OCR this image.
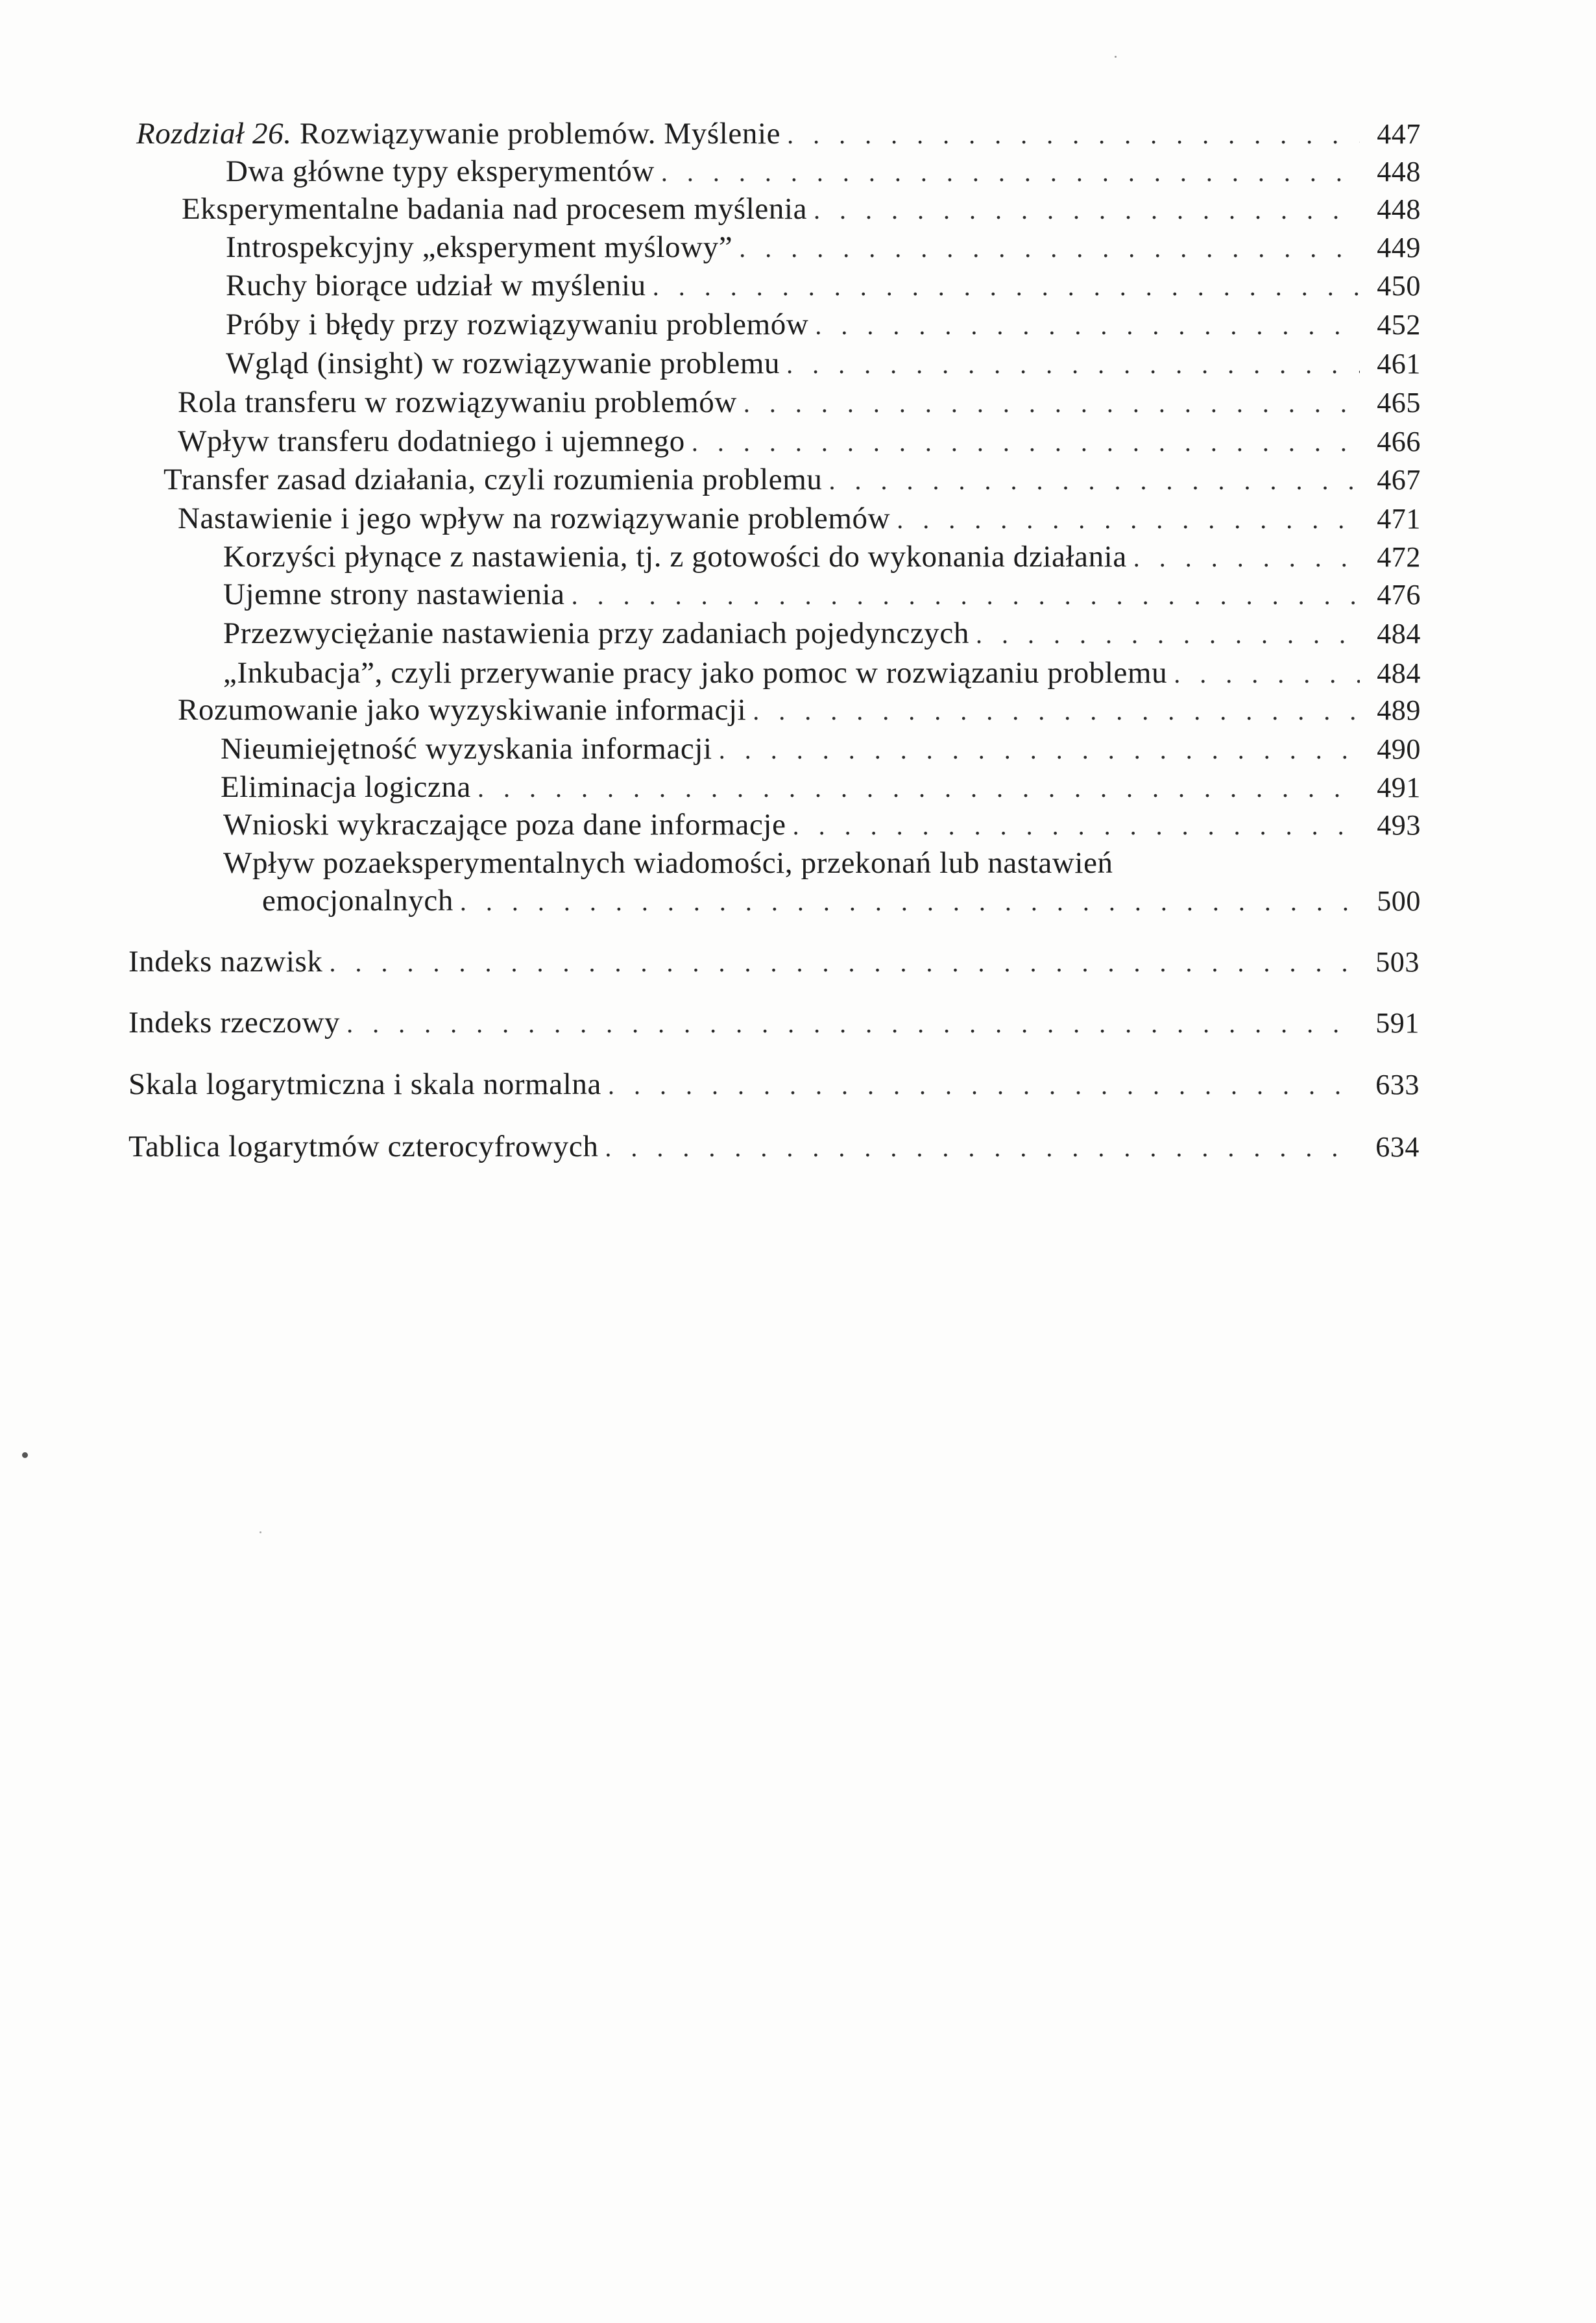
Rozdział 26. Rozwiązywanie problemów. Myślenie . . .	447
Dwa główne typy eksperymentów . . .	448
Eksperymentalne badania nad procesem myślenia . . .	448
Introspekcyjny „eksperyment myślowy” . . .	449
Ruchy biorące udział w myśleniu . . .	450
Próby i błędy przy rozwiązywaniu problemów . . .	452
Wgląd (insight) w rozwiązywanie problemu . . .	461
Rola transferu w rozwiązywaniu problemów . . .	465
Wpływ transferu dodatniego i ujemnego . . .	466
Transfer zasad działania, czyli rozumienia problemu . . .	467
Nastawienie i jego wpływ na rozwiązywanie problemów . . .	471
Korzyści płynące z nastawienia, tj. z gotowości do wykonania działania . . .	472
Ujemne strony nastawienia . . .	476
Przezwyciężanie nastawienia przy zadaniach pojedynczych . . .	484
„Inkubacja”, czyli przerywanie pracy jako pomoc w rozwiązaniu problemu . . .	484
Rozumowanie jako wyzyskiwanie informacji . . .	489
Nieumiejętność wyzyskania informacji . . .	490
Eliminacja logiczna . . .	491
Wnioski wykraczające poza dane informacje . . .	493
Wpływ pozaeksperymentalnych wiadomości, przekonań lub nastawień
emocjonalnych . . .	500
Indeks nazwisk . . .	503
Indeks rzeczowy . . .	591
Skala logarytmiczna i skala normalna . . .	633
Tablica logarytmów czterocyfrowych . . .	634
